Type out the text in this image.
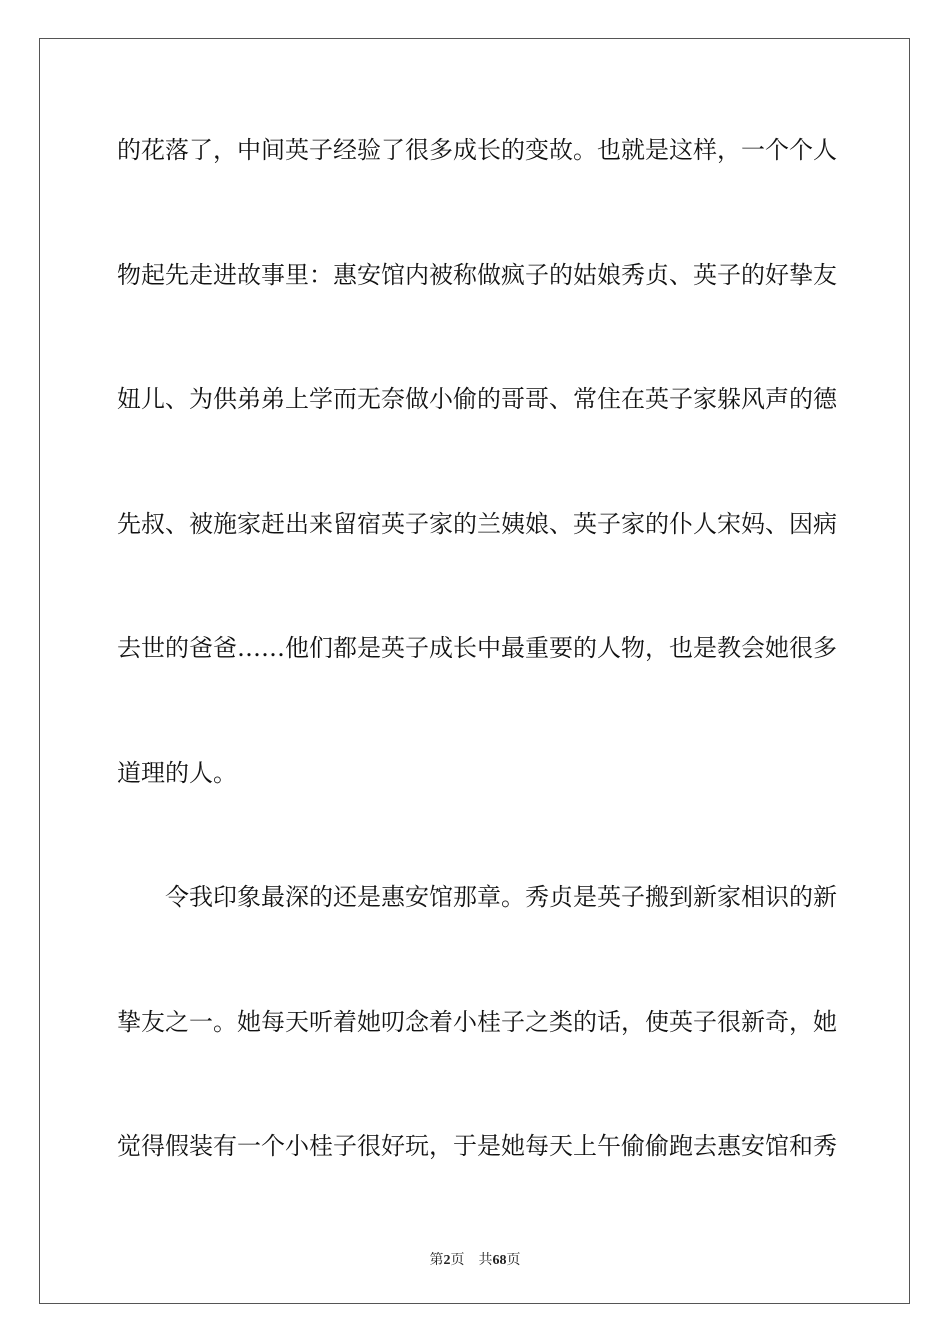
的花落了，中间英子经验了很多成长的变故。也就是这样，一个个人
物起先走进故事里：惠安馆内被称做疯子的姑娘秀贞、英子的好挚友
妞儿、为供弟弟上学而无奈做小偷的哥哥、常住在英子家躲风声的德
先叔、被施家赶出来留宿英子家的兰姨娘、英子家的仆人宋妈、因病
去世的爸爸……他们都是英子成长中最重要的人物，也是教会她很多
道理的人。
令我印象最深的还是惠安馆那章。秀贞是英子搬到新家相识的新
挚友之一。她每天听着她叨念着小桂子之类的话，使英子很新奇，她
觉得假装有一个小桂子很好玩，于是她每天上午偷偷跑去惠安馆和秀
第2页 共68页
